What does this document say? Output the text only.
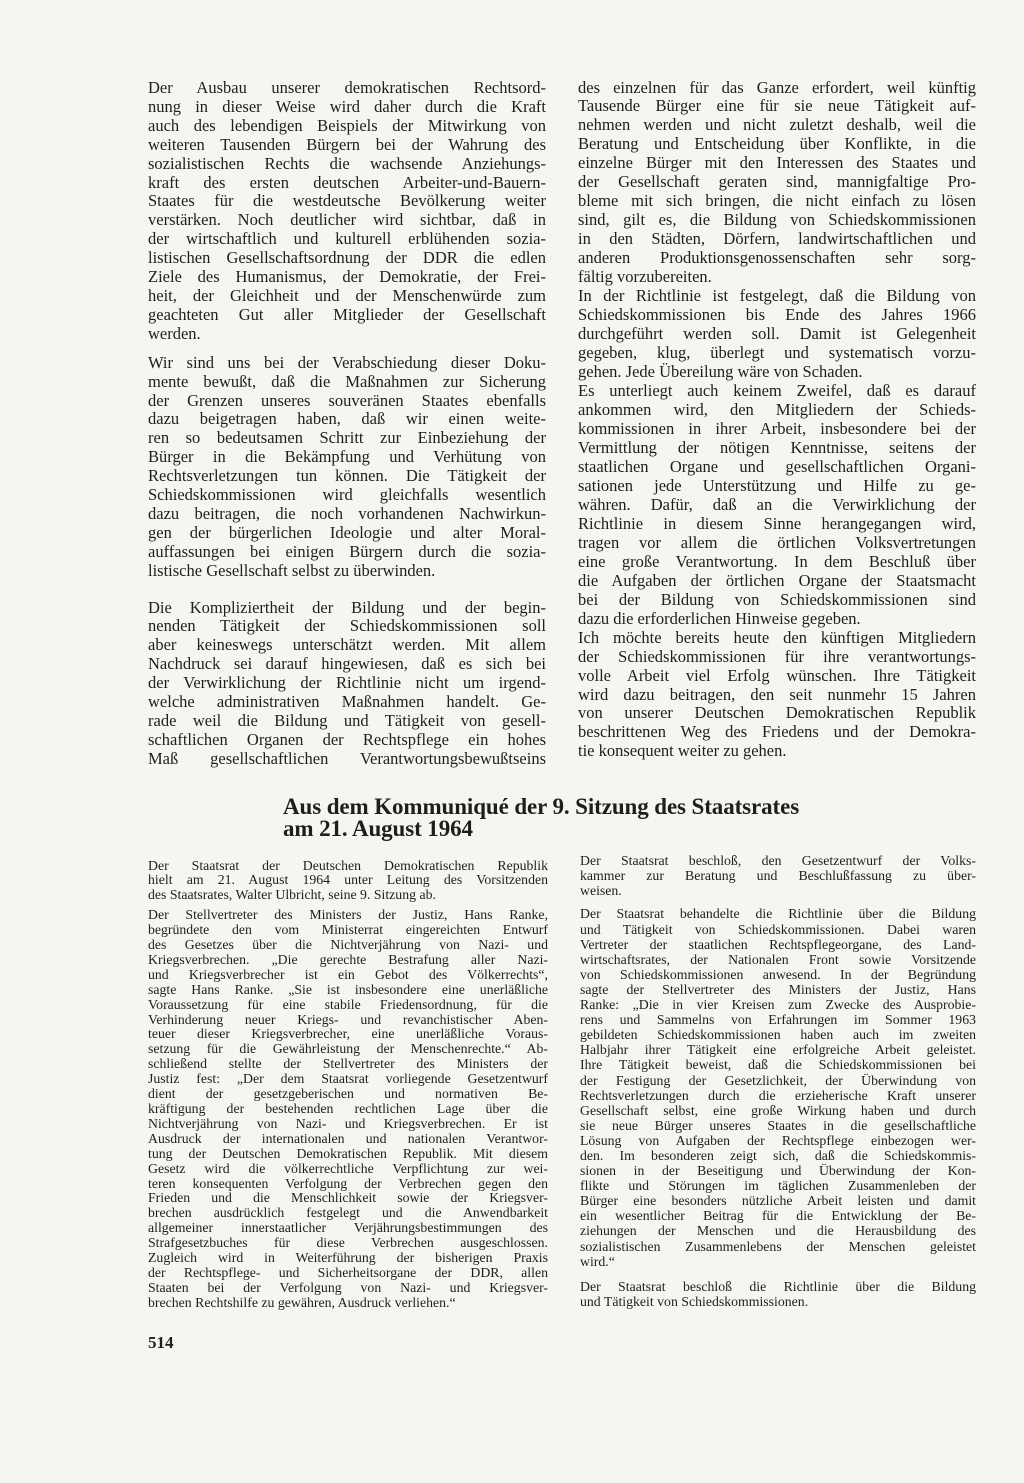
Der Ausbau unserer demokratischen Rechtsord-
nung in dieser Weise wird daher durch die Kraft
auch des lebendigen Beispiels der Mitwirkung von
weiteren Tausenden Bürgern bei der Wahrung des
sozialistischen Rechts die wachsende Anziehungs-
kraft des ersten deutschen Arbeiter-und-Bauern-
Staates für die westdeutsche Bevölkerung weiter
verstärken. Noch deutlicher wird sichtbar, daß in
der wirtschaftlich und kulturell erblühenden sozia-
listischen Gesellschaftsordnung der DDR die edlen
Ziele des Humanismus, der Demokratie, der Frei-
heit, der Gleichheit und der Menschenwürde zum
geachteten Gut aller Mitglieder der Gesellschaft
werden.
Wir sind uns bei der Verabschiedung dieser Doku-
mente bewußt, daß die Maßnahmen zur Sicherung
der Grenzen unseres souveränen Staates ebenfalls
dazu beigetragen haben, daß wir einen weite-
ren so bedeutsamen Schritt zur Einbeziehung der
Bürger in die Bekämpfung und Verhütung von
Rechtsverletzungen tun können. Die Tätigkeit der
Schiedskommissionen wird gleichfalls wesentlich
dazu beitragen, die noch vorhandenen Nachwirkun-
gen der bürgerlichen Ideologie und alter Moral-
auffassungen bei einigen Bürgern durch die sozia-
listische Gesellschaft selbst zu überwinden.
Die Kompliziertheit der Bildung und der begin-
nenden Tätigkeit der Schiedskommissionen soll
aber keineswegs unterschätzt werden. Mit allem
Nachdruck sei darauf hingewiesen, daß es sich bei
der Verwirklichung der Richtlinie nicht um irgend-
welche administrativen Maßnahmen handelt. Ge-
rade weil die Bildung und Tätigkeit von gesell-
schaftlichen Organen der Rechtspflege ein hohes
Maß gesellschaftlichen Verantwortungsbewußtseins
des einzelnen für das Ganze erfordert, weil künftig
Tausende Bürger eine für sie neue Tätigkeit auf-
nehmen werden und nicht zuletzt deshalb, weil die
Beratung und Entscheidung über Konflikte, in die
einzelne Bürger mit den Interessen des Staates und
der Gesellschaft geraten sind, mannigfaltige Pro-
bleme mit sich bringen, die nicht einfach zu lösen
sind, gilt es, die Bildung von Schiedskommissionen
in den Städten, Dörfern, landwirtschaftlichen und
anderen Produktionsgenossenschaften sehr sorg-
fältig vorzubereiten.
In der Richtlinie ist festgelegt, daß die Bildung von
Schiedskommissionen bis Ende des Jahres 1966
durchgeführt werden soll. Damit ist Gelegenheit
gegeben, klug, überlegt und systematisch vorzu-
gehen. Jede Übereilung wäre von Schaden.
Es unterliegt auch keinem Zweifel, daß es darauf
ankommen wird, den Mitgliedern der Schieds-
kommissionen in ihrer Arbeit, insbesondere bei der
Vermittlung der nötigen Kenntnisse, seitens der
staatlichen Organe und gesellschaftlichen Organi-
sationen jede Unterstützung und Hilfe zu ge-
währen. Dafür, daß an die Verwirklichung der
Richtlinie in diesem Sinne herangegangen wird,
tragen vor allem die örtlichen Volksvertretungen
eine große Verantwortung. In dem Beschluß über
die Aufgaben der örtlichen Organe der Staatsmacht
bei der Bildung von Schiedskommissionen sind
dazu die erforderlichen Hinweise gegeben.
Ich möchte bereits heute den künftigen Mitgliedern
der Schiedskommissionen für ihre verantwortungs-
volle Arbeit viel Erfolg wünschen. Ihre Tätigkeit
wird dazu beitragen, den seit nunmehr 15 Jahren
von unserer Deutschen Demokratischen Republik
beschrittenen Weg des Friedens und der Demokra-
tie konsequent weiter zu gehen.
Aus dem Kommuniqué der 9. Sitzung des Staatsrates
am 21. August 1964
Der Staatsrat der Deutschen Demokratischen Republik
hielt am 21. August 1964 unter Leitung des Vorsitzenden
des Staatsrates, Walter Ulbricht, seine 9. Sitzung ab.
Der Stellvertreter des Ministers der Justiz, Hans Ranke,
begründete den vom Ministerrat eingereichten Entwurf
des Gesetzes über die Nichtverjährung von Nazi- und
Kriegsverbrechen. „Die gerechte Bestrafung aller Nazi-
und Kriegsverbrecher ist ein Gebot des Völkerrechts“,
sagte Hans Ranke. „Sie ist insbesondere eine unerläßliche
Voraussetzung für eine stabile Friedensordnung, für die
Verhinderung neuer Kriegs- und revanchistischer Aben-
teuer dieser Kriegsverbrecher, eine unerläßliche Voraus-
setzung für die Gewährleistung der Menschenrechte.“ Ab-
schließend stellte der Stellvertreter des Ministers der
Justiz fest: „Der dem Staatsrat vorliegende Gesetzentwurf
dient der gesetzgeberischen und normativen Be-
kräftigung der bestehenden rechtlichen Lage über die
Nichtverjährung von Nazi- und Kriegsverbrechen. Er ist
Ausdruck der internationalen und nationalen Verantwor-
tung der Deutschen Demokratischen Republik. Mit diesem
Gesetz wird die völkerrechtliche Verpflichtung zur wei-
teren konsequenten Verfolgung der Verbrechen gegen den
Frieden und die Menschlichkeit sowie der Kriegsver-
brechen ausdrücklich festgelegt und die Anwendbarkeit
allgemeiner innerstaatlicher Verjährungsbestimmungen des
Strafgesetzbuches für diese Verbrechen ausgeschlossen.
Zugleich wird in Weiterführung der bisherigen Praxis
der Rechtspflege- und Sicherheitsorgane der DDR, allen
Staaten bei der Verfolgung von Nazi- und Kriegsver-
brechen Rechtshilfe zu gewähren, Ausdruck verliehen.“
Der Staatsrat beschloß, den Gesetzentwurf der Volks-
kammer zur Beratung und Beschlußfassung zu über-
weisen.
Der Staatsrat behandelte die Richtlinie über die Bildung
und Tätigkeit von Schiedskommissionen. Dabei waren
Vertreter der staatlichen Rechtspflegeorgane, des Land-
wirtschaftsrates, der Nationalen Front sowie Vorsitzende
von Schiedskommissionen anwesend. In der Begründung
sagte der Stellvertreter des Ministers der Justiz, Hans
Ranke: „Die in vier Kreisen zum Zwecke des Ausprobie-
rens und Sammelns von Erfahrungen im Sommer 1963
gebildeten Schiedskommissionen haben auch im zweiten
Halbjahr ihrer Tätigkeit eine erfolgreiche Arbeit geleistet.
Ihre Tätigkeit beweist, daß die Schiedskommissionen bei
der Festigung der Gesetzlichkeit, der Überwindung von
Rechtsverletzungen durch die erzieherische Kraft unserer
Gesellschaft selbst, eine große Wirkung haben und durch
sie neue Bürger unseres Staates in die gesellschaftliche
Lösung von Aufgaben der Rechtspflege einbezogen wer-
den. Im besonderen zeigt sich, daß die Schiedskommis-
sionen in der Beseitigung und Überwindung der Kon-
flikte und Störungen im täglichen Zusammenleben der
Bürger eine besonders nützliche Arbeit leisten und damit
ein wesentlicher Beitrag für die Entwicklung der Be-
ziehungen der Menschen und die Herausbildung des
sozialistischen Zusammenlebens der Menschen geleistet
wird.“
Der Staatsrat beschloß die Richtlinie über die Bildung
und Tätigkeit von Schiedskommissionen.
514
